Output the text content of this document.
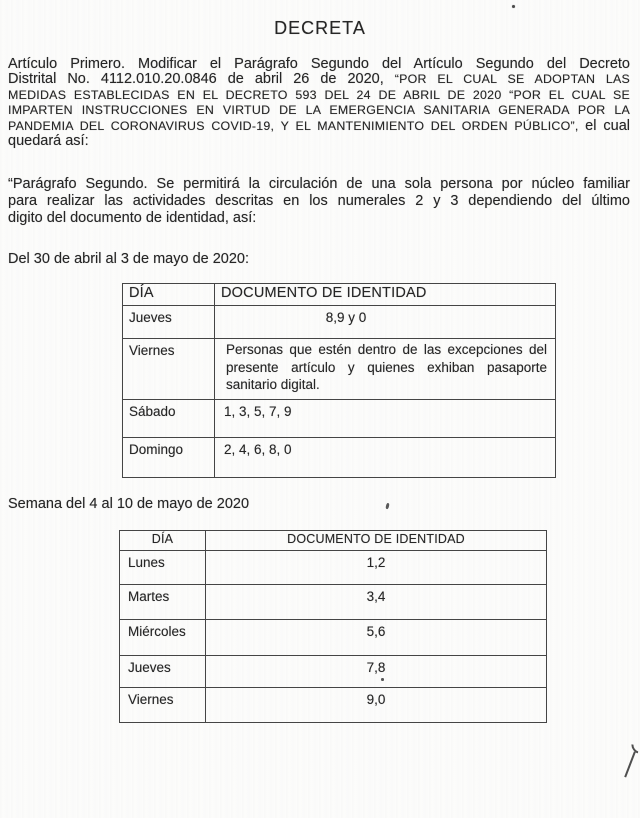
DECRETA
Artículo Primero. Modificar el Parágrafo Segundo del Artículo Segundo del Decreto
Distrital No. 4112.010.20.0846 de abril 26 de 2020, “POR EL CUAL SE ADOPTAN LAS
MEDIDAS ESTABLECIDAS EN EL DECRETO 593 DEL 24 DE ABRIL DE 2020 “POR EL CUAL SE
IMPARTEN INSTRUCCIONES EN VIRTUD DE LA EMERGENCIA SANITARIA GENERADA POR LA
PANDEMIA DEL CORONAVIRUS COVID-19, Y EL MANTENIMIENTO DEL ORDEN PÚBLICO”, el cual
quedará así:
“Parágrafo Segundo. Se permitirá la circulación de una sola persona por núcleo familiar
para realizar las actividades descritas en los numerales 2 y 3 dependiendo del último
digito del documento de identidad, así:
Del 30 de abril al 3 de mayo de 2020:
DÍA	DOCUMENTO DE IDENTIDAD
Jueves	8,9 y 0
Viernes	Personas que estén dentro de las excepciones del presente artículo y quienes exhiban pasaporte sanitario digital.
Sábado	1, 3, 5, 7, 9
Domingo	2, 4, 6, 8, 0
Semana del 4 al 10 de mayo de 2020
DÍA	DOCUMENTO DE IDENTIDAD
Lunes	1,2
Martes	3,4
Miércoles	5,6
Jueves	7,8
Viernes	9,0
